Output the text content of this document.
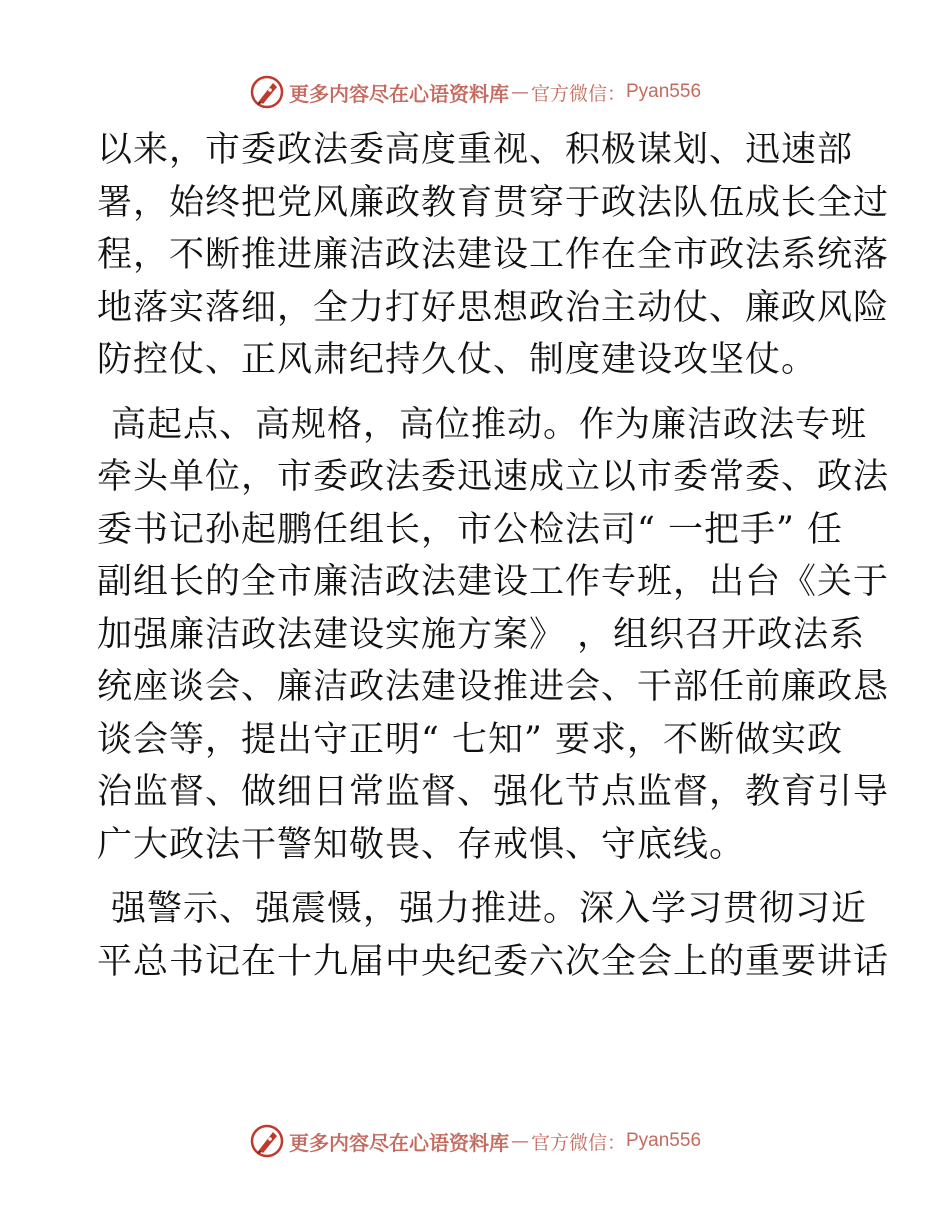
更多内容尽在心语资料库 — 官方微信： Pyan556
以来，市委政法委高度重视、积极谋划、迅速部
署，始终把党风廉政教育贯穿于政法队伍成长全过
程，不断推进廉洁政法建设工作在全市政法系统落
地落实落细，全力打好思想政治主动仗、廉政风险
防控仗、正风肃纪持久仗、制度建设攻坚仗。
高起点、高规格，高位推动。作为廉洁政法专班
牵头单位，市委政法委迅速成立以市委常委、政法
委书记孙起鹏任组长，市公检法司“ 一把手” 任
副组长的全市廉洁政法建设工作专班，出台《关于
加强廉洁政法建设实施方案》 ，组织召开政法系
统座谈会、廉洁政法建设推进会、干部任前廉政恳
谈会等，提出守正明“ 七知” 要求，不断做实政
治监督、做细日常监督、强化节点监督，教育引导
广大政法干警知敬畏、存戒惧、守底线。
强警示、强震慑，强力推进。深入学习贯彻习近
平总书记在十九届中央纪委六次全会上的重要讲话
更多内容尽在心语资料库 — 官方微信： Pyan556
